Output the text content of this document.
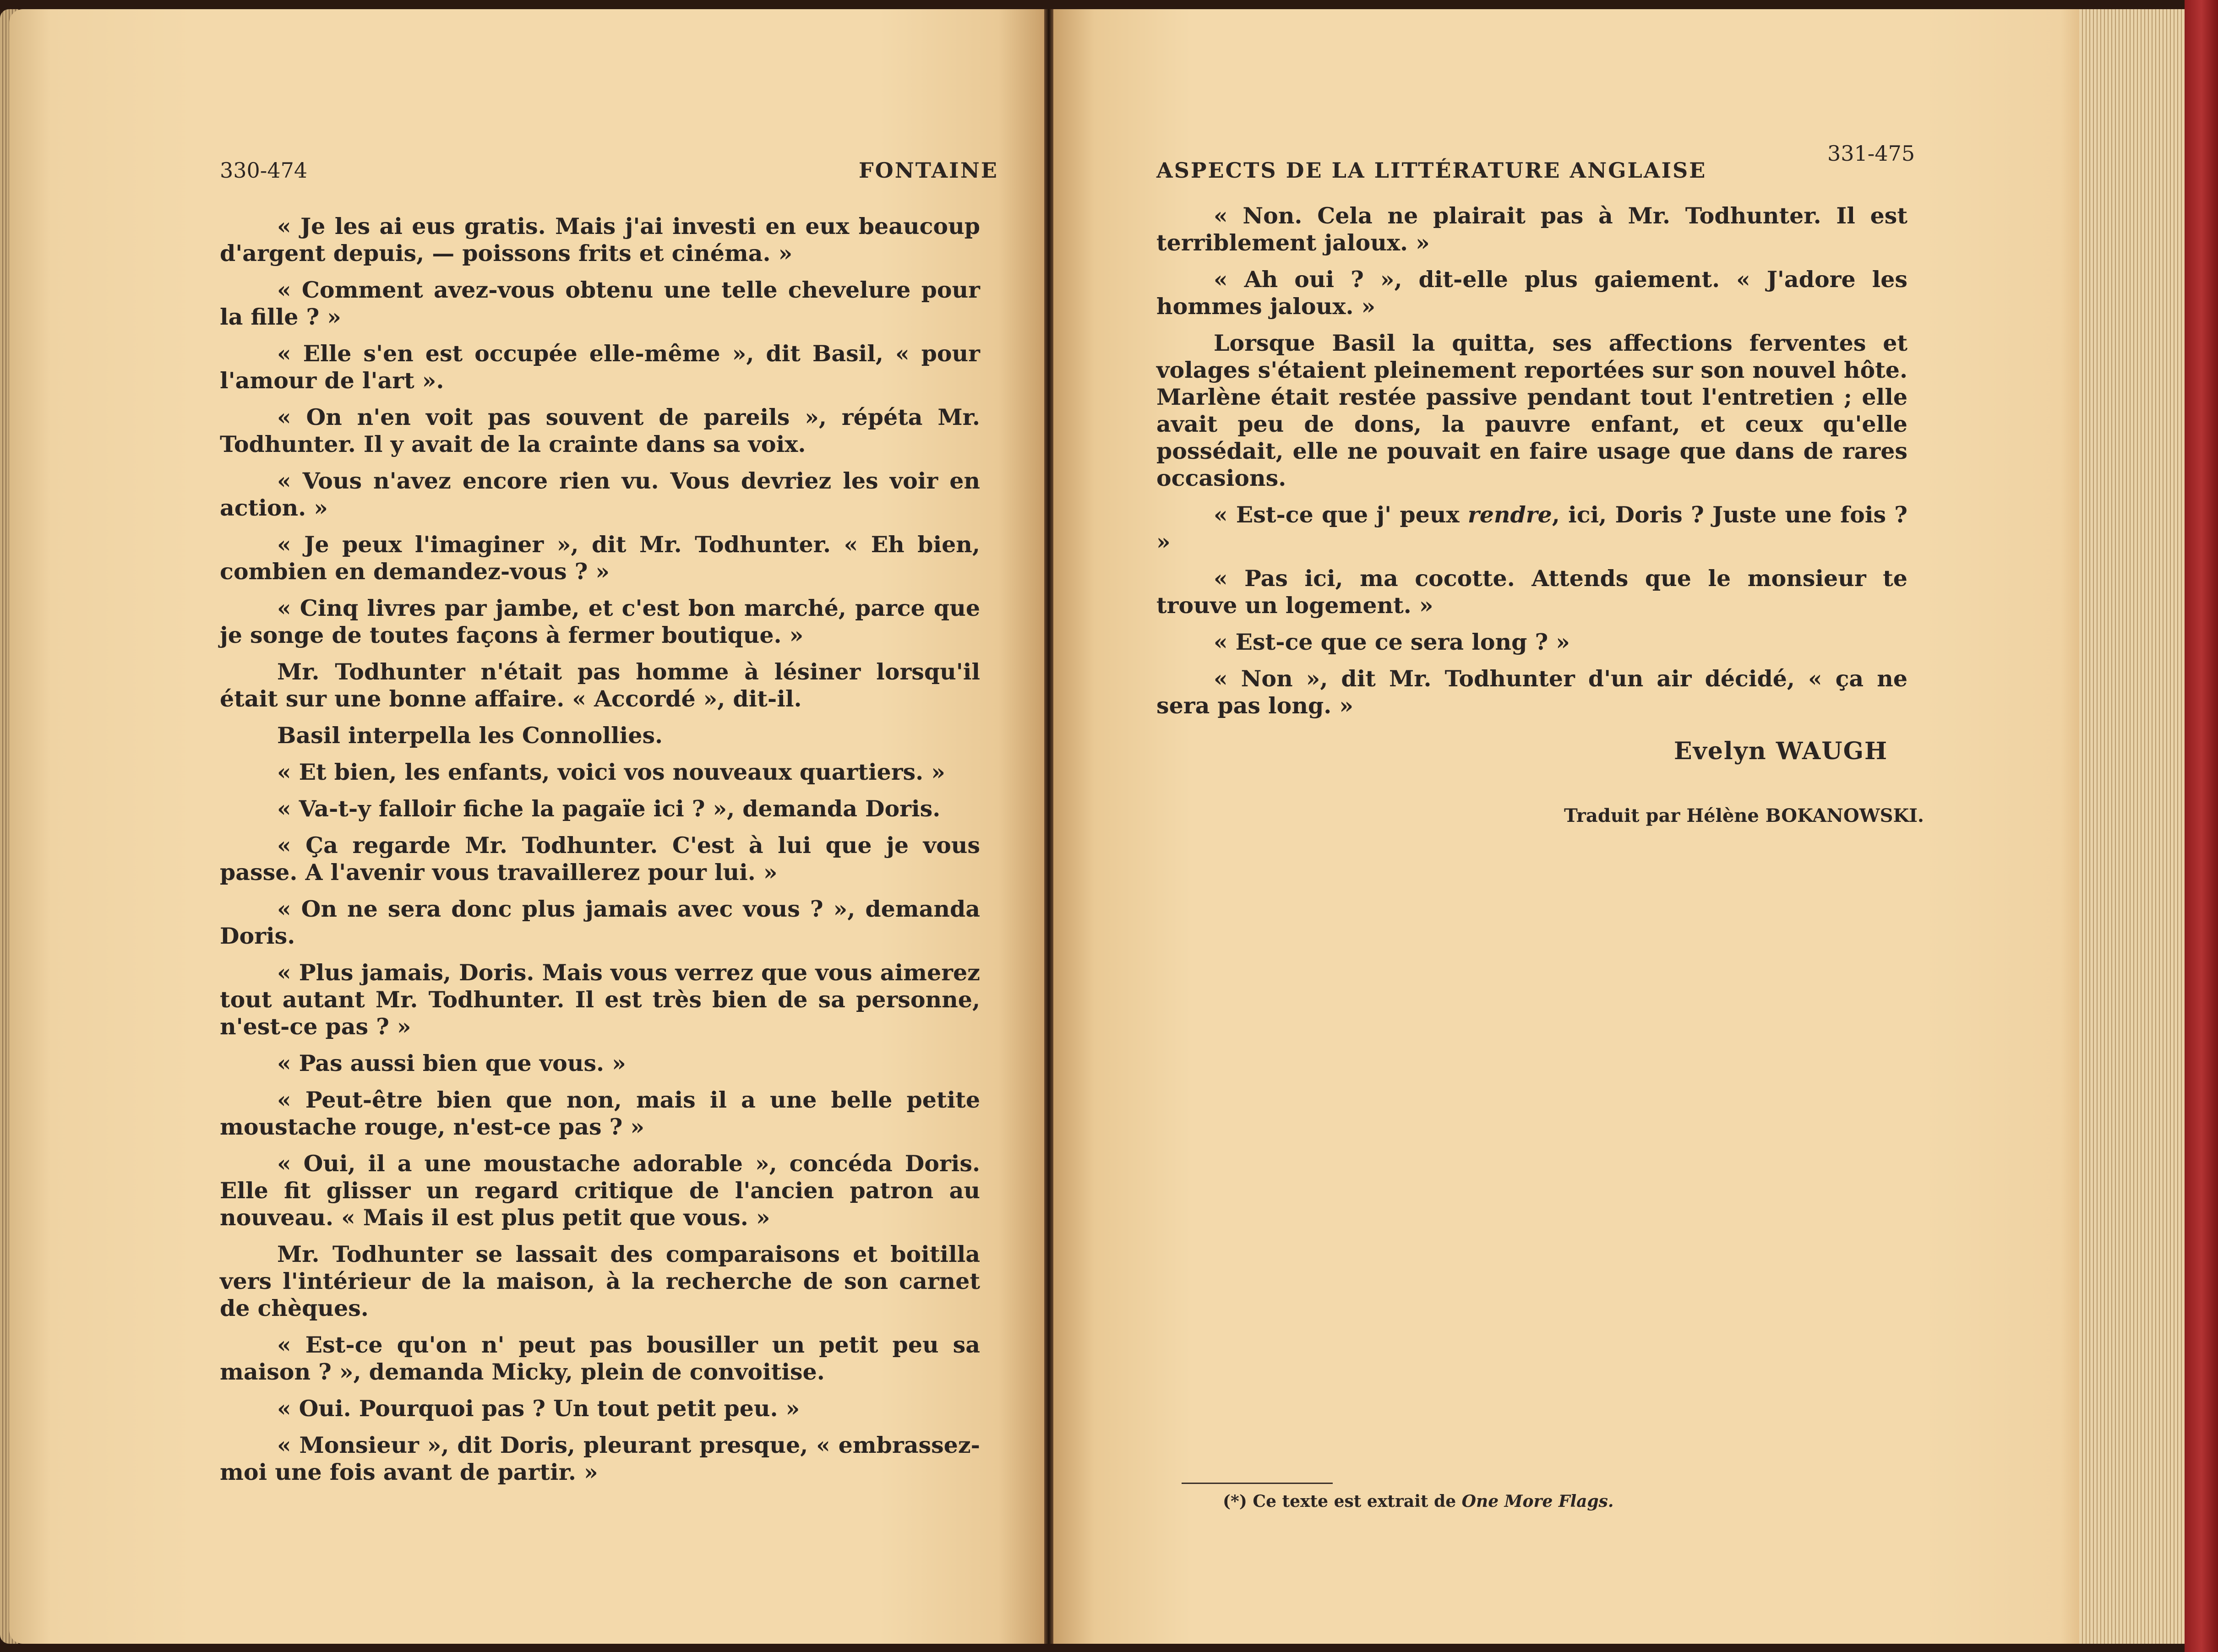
330-474	FONTAINE

« Je les ai eus gratis. Mais j'ai investi en eux beaucoup d'argent depuis, — poissons frits et cinéma. »

« Comment avez-vous obtenu une telle chevelure pour la fille ? »

« Elle s'en est occupée elle-même », dit Basil, « pour l'amour de l'art ».

« On n'en voit pas souvent de pareils », répéta Mr. Todhunter. Il y avait de la crainte dans sa voix.

« Vous n'avez encore rien vu. Vous devriez les voir en action. »

« Je peux l'imaginer », dit Mr. Todhunter. « Eh bien, combien en demandez-vous ? »

« Cinq livres par jambe, et c'est bon marché, parce que je songe de toutes façons à fermer boutique. »

Mr. Todhunter n'était pas homme à lésiner lorsqu'il était sur une bonne affaire. « Accordé », dit-il.

Basil interpella les Connollies.

« Et bien, les enfants, voici vos nouveaux quartiers. »

« Va-t-y falloir fiche la pagaïe ici ? », demanda Doris.

« Ça regarde Mr. Todhunter. C'est à lui que je vous passe. A l'avenir vous travaillerez pour lui. »

« On ne sera donc plus jamais avec vous ? », demanda Doris.

« Plus jamais, Doris. Mais vous verrez que vous aimerez tout autant Mr. Todhunter. Il est très bien de sa personne, n'est-ce pas ? »

« Pas aussi bien que vous. »

« Peut-être bien que non, mais il a une belle petite moustache rouge, n'est-ce pas ? »

« Oui, il a une moustache adorable », concéda Doris. Elle fit glisser un regard critique de l'ancien patron au nouveau. « Mais il est plus petit que vous. »

Mr. Todhunter se lassait des comparaisons et boitilla vers l'intérieur de la maison, à la recherche de son carnet de chèques.

« Est-ce qu'on n' peut pas bousiller un petit peu sa maison ? », demanda Micky, plein de convoitise.

« Oui. Pourquoi pas ? Un tout petit peu. »

« Monsieur », dit Doris, pleurant presque, « embrassez-moi une fois avant de partir. »

ASPECTS DE LA LITTÉRATURE ANGLAISE
331-475

« Non. Cela ne plairait pas à Mr. Todhunter. Il est terriblement jaloux. »

« Ah oui ? », dit-elle plus gaiement. « J'adore les hommes jaloux. »

Lorsque Basil la quitta, ses affections ferventes et volages s'étaient pleinement reportées sur son nouvel hôte. Marlène était restée passive pendant tout l'entretien ; elle avait peu de dons, la pauvre enfant, et ceux qu'elle possédait, elle ne pouvait en faire usage que dans de rares occasions.

« Est-ce que j' peux rendre, ici, Doris ? Juste une fois ? »

« Pas ici, ma cocotte. Attends que le monsieur te trouve un logement. »

« Est-ce que ce sera long ? »

« Non », dit Mr. Todhunter d'un air décidé, « ça ne sera pas long. »

Evelyn WAUGH
Traduit par Hélène BOKANOWSKI.
(*) Ce texte est extrait de One More Flags.
